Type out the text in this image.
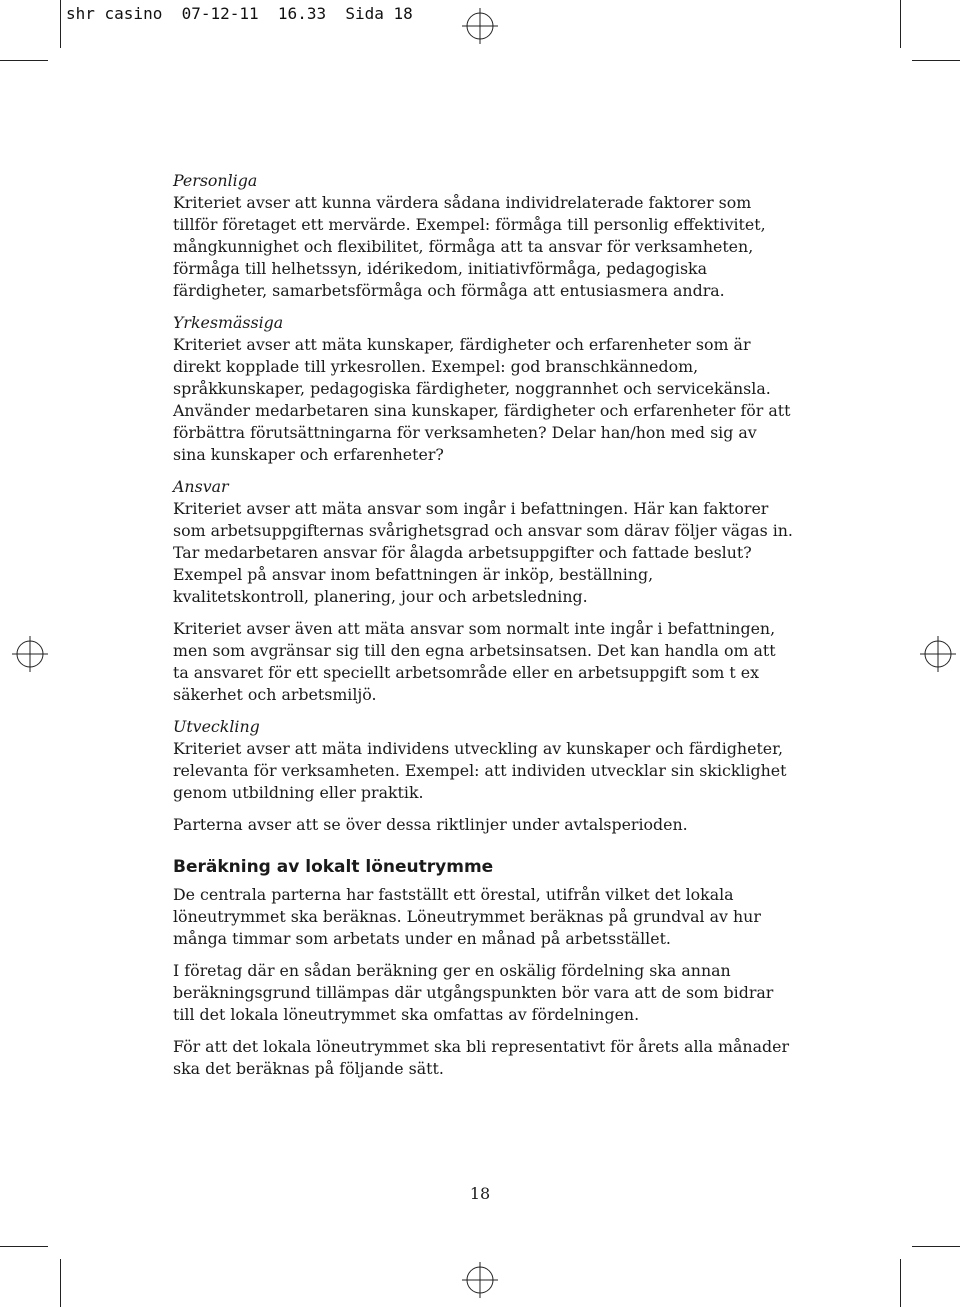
shr casino  07-12-11  16.33  Sida 18

Personliga

Kriteriet avser att kunna värdera sådana individrelaterade faktorer som tillför företaget ett mervärde. Exempel: förmåga till personlig effektivitet, mångkunnighet och flexibilitet, förmåga att ta ansvar för verksamheten, förmåga till helhetssyn, idérikedom, initiativförmåga, pedagogiska färdigheter, samarbetsförmåga och förmåga att entusiasmera andra.

Yrkesmässiga

Kriteriet avser att mäta kunskaper, färdigheter och erfarenheter som är direkt kopplade till yrkesrollen. Exempel: god branschkännedom, språkkunskaper, pedagogiska färdigheter, noggrannhet och servicekänsla. Använder medarbetaren sina kunskaper, färdigheter och erfarenheter för att förbättra förutsättningarna för verksamheten? Delar han/hon med sig av sina kunskaper och erfarenheter?

Ansvar

Kriteriet avser att mäta ansvar som ingår i befattningen. Här kan faktorer som arbetsuppgifternas svårighetsgrad och ansvar som därav följer vägas in. Tar medarbetaren ansvar för ålagda arbetsuppgifter och fattade beslut? Exempel på ansvar inom befattningen är inköp, beställning, kvalitetskontroll, planering, jour och arbetsledning.

Kriteriet avser även att mäta ansvar som normalt inte ingår i befattningen, men som avgränsar sig till den egna arbetsinsatsen. Det kan handla om att ta ansvaret för ett speciellt arbetsområde eller en arbetsuppgift som t ex säkerhet och arbetsmiljö.

Utveckling

Kriteriet avser att mäta individens utveckling av kunskaper och färdigheter, relevanta för verksamheten. Exempel: att individen utvecklar sin skicklighet genom utbildning eller praktik.

Parterna avser att se över dessa riktlinjer under avtalsperioden.

Beräkning av lokalt löneutrymme

De centrala parterna har fastställt ett örestal, utifrån vilket det lokala löneutrymmet ska beräknas. Löneutrymmet beräknas på grundval av hur många timmar som arbetats under en månad på arbetsstället.

I företag där en sådan beräkning ger en oskälig fördelning ska annan beräkningsgrund tillämpas där utgångspunkten bör vara att de som bidrar till det lokala löneutrymmet ska omfattas av fördelningen.

För att det lokala löneutrymmet ska bli representativt för årets alla månader ska det beräknas på följande sätt.

18
